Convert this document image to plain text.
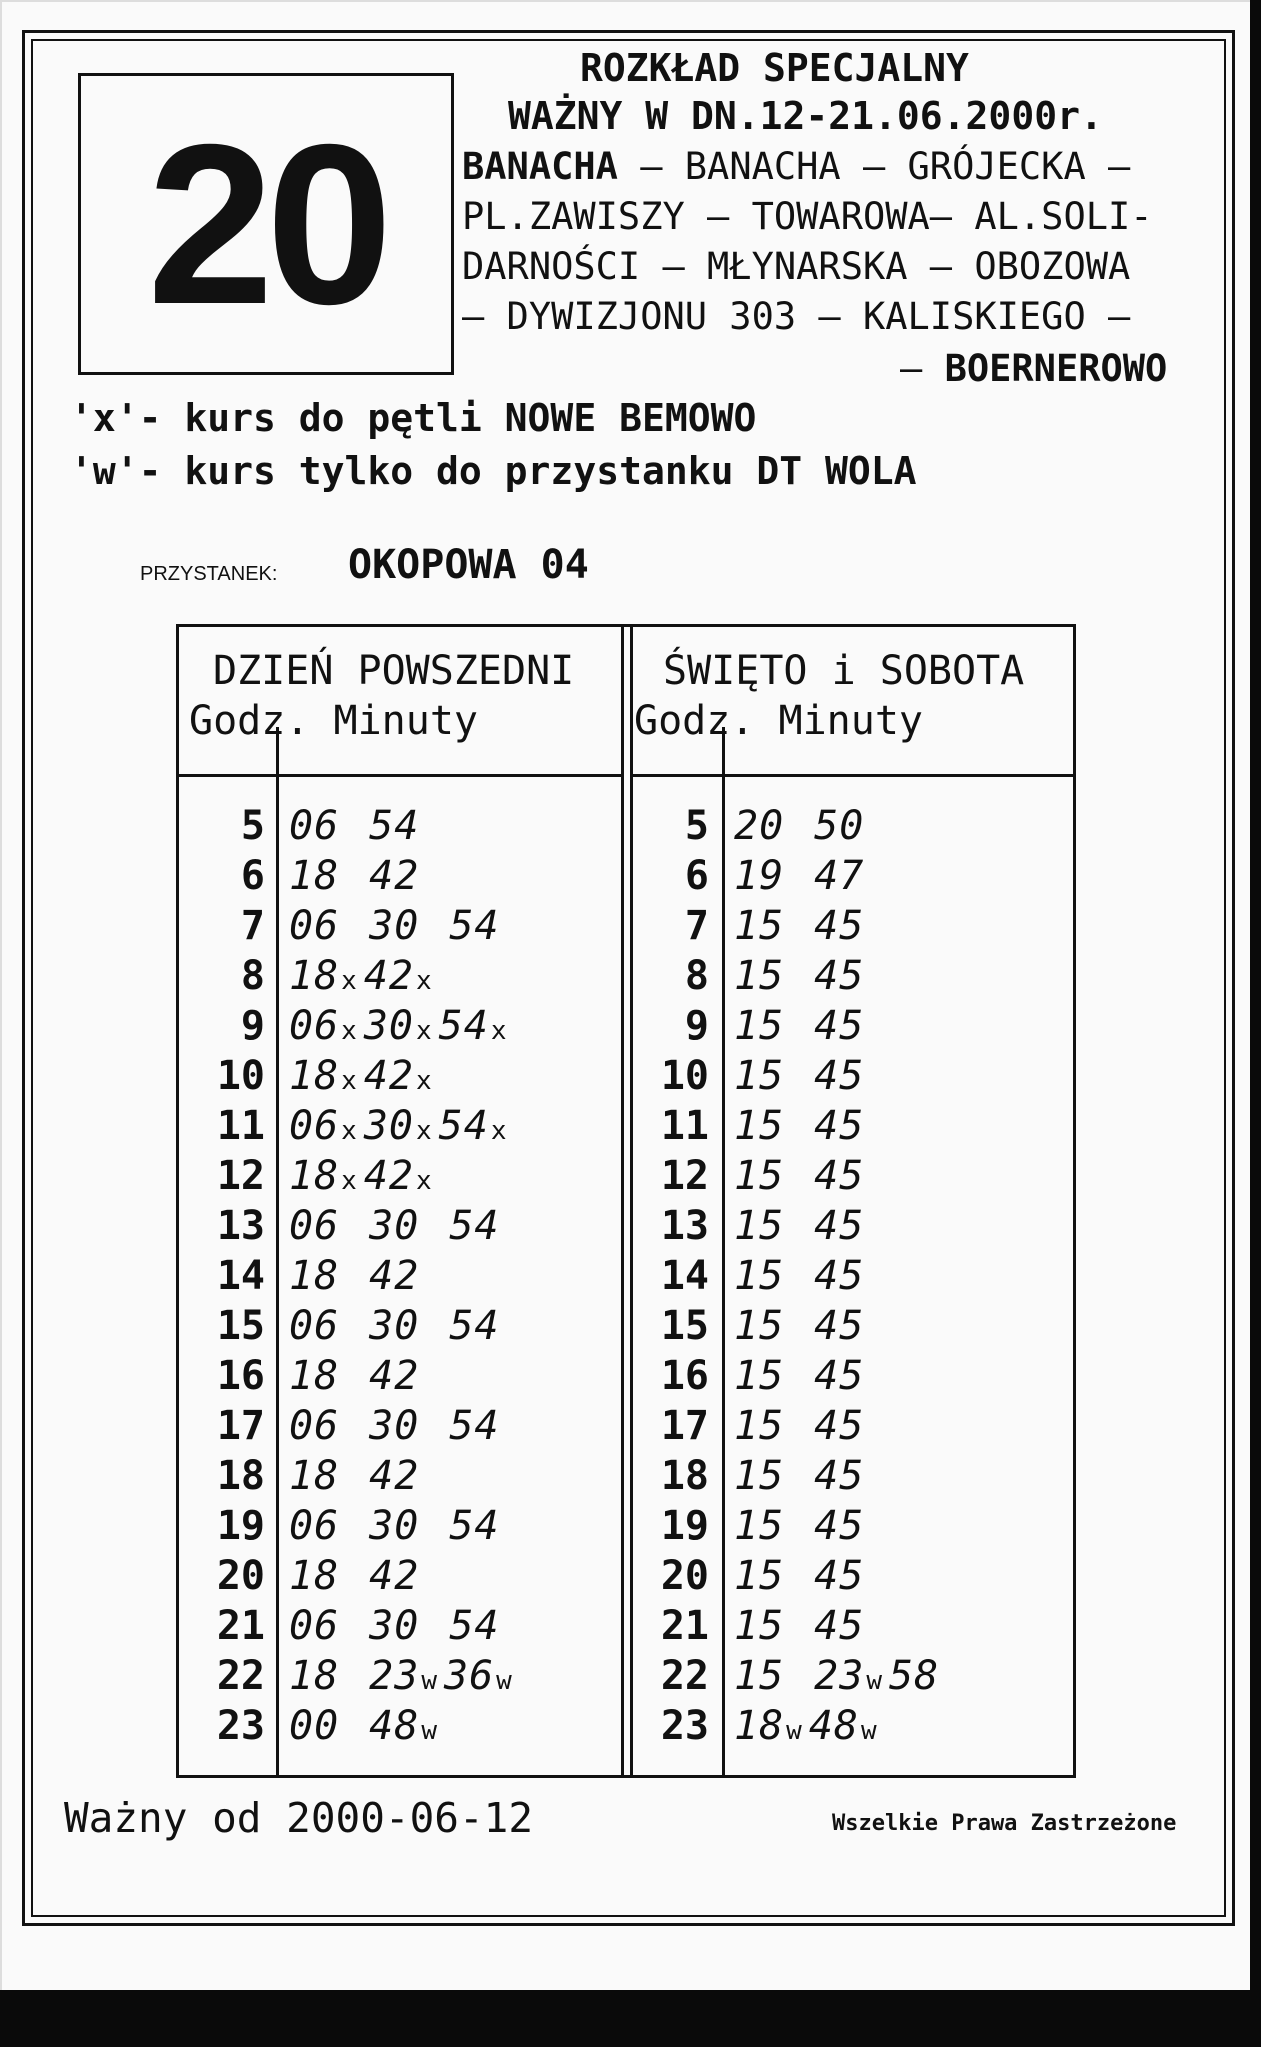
20
ROZKŁAD SPECJALNY
WAŻNY W DN.12-21.06.2000r.
BANACHA – BANACHA – GRÓJECKA –
PL.ZAWISZY – TOWAROWA– AL.SOLI-
DARNOŚCI – MŁYNARSKA – OBOZOWA
– DYWIZJONU 303 – KALISKIEGO –
– BOERNEROWO
'x'- kurs do pętli NOWE BEMOWO
'w'- kurs tylko do przystanku DT WOLA
PRZYSTANEK: OKOPOWA 04
DZIEŃ POWSZEDNI
Godz. Minuty
ŚWIĘTO i SOBOTA
Godz. Minuty
5 06 54
6 18 42
7 06 30 54
8 18x 42x
9 06x 30x 54x
10 18x 42x
11 06x 30x 54x
12 18x 42x
13 06 30 54
14 18 42
15 06 30 54
16 18 42
17 06 30 54
18 18 42
19 06 30 54
20 18 42
21 06 30 54
22 18 23w 36w
23 00 48w
5 20 50
6 19 47
7 15 45
8 15 45
9 15 45
10 15 45
11 15 45
12 15 45
13 15 45
14 15 45
15 15 45
16 15 45
17 15 45
18 15 45
19 15 45
20 15 45
21 15 45
22 15 23w 58
23 18w 48w
Ważny od 2000-06-12	Wszelkie Prawa Zastrzeżone
